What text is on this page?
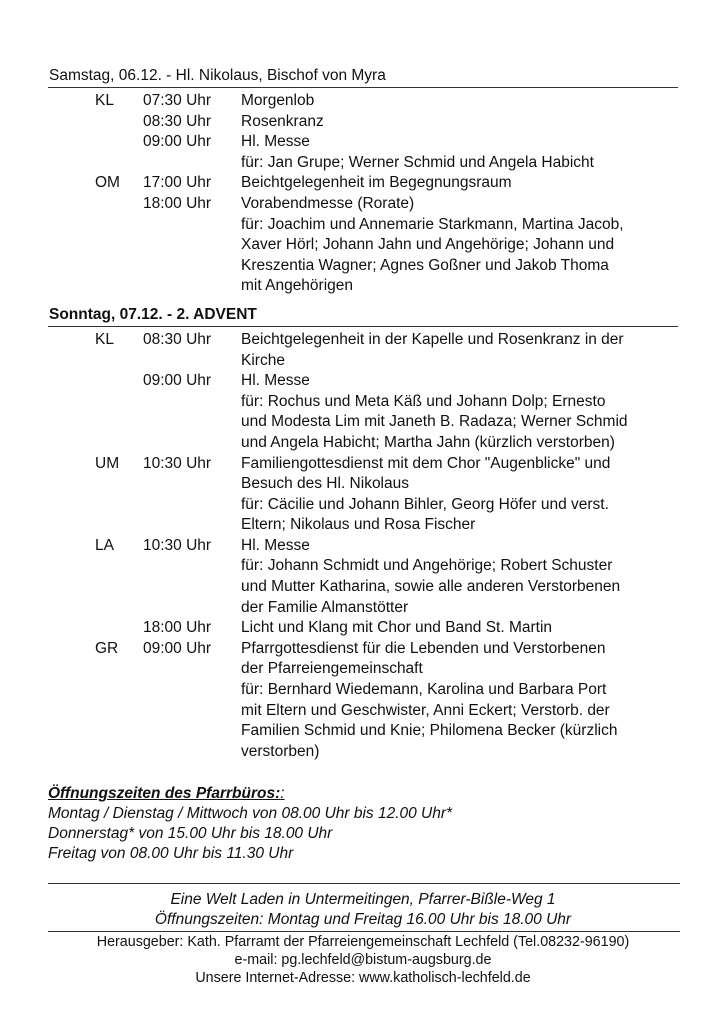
Samstag, 06.12. - Hl. Nikolaus, Bischof von Myra
KL	07:30 Uhr	Morgenlob
08:30 Uhr	Rosenkranz
09:00 Uhr	Hl. Messe
für: Jan Grupe; Werner Schmid und Angela Habicht
OM	17:00 Uhr	Beichtgelegenheit im Begegnungsraum
18:00 Uhr	Vorabendmesse (Rorate)
für: Joachim und Annemarie Starkmann, Martina Jacob,
Xaver Hörl; Johann Jahn und Angehörige; Johann und
Kreszentia Wagner; Agnes Goßner und Jakob Thoma
mit Angehörigen
Sonntag, 07.12. - 2. ADVENT
KL	08:30 Uhr	Beichtgelegenheit in der Kapelle und Rosenkranz in der
Kirche
09:00 Uhr	Hl. Messe
für: Rochus und Meta Käß und Johann Dolp; Ernesto
und Modesta Lim mit Janeth B. Radaza; Werner Schmid
und Angela Habicht; Martha Jahn (kürzlich verstorben)
UM	10:30 Uhr	Familiengottesdienst mit dem Chor "Augenblicke" und
Besuch des Hl. Nikolaus
für: Cäcilie und Johann Bihler, Georg Höfer und verst.
Eltern; Nikolaus und Rosa Fischer
LA	10:30 Uhr	Hl. Messe
für: Johann Schmidt und Angehörige; Robert Schuster
und Mutter Katharina, sowie alle anderen Verstorbenen
der Familie Almanstötter
18:00 Uhr	Licht und Klang mit Chor und Band St. Martin
GR	09:00 Uhr	Pfarrgottesdienst für die Lebenden und Verstorbenen
der Pfarreiengemeinschaft
für: Bernhard Wiedemann, Karolina und Barbara Port
mit Eltern und Geschwister, Anni Eckert; Verstorb. der
Familien Schmid und Knie; Philomena Becker (kürzlich
verstorben)
Öffnungszeiten des Pfarrbüros::
Montag / Dienstag / Mittwoch von 08.00 Uhr bis 12.00 Uhr*
Donnerstag* von 15.00 Uhr bis 18.00 Uhr
Freitag von 08.00 Uhr bis 11.30 Uhr
Eine Welt Laden in Untermeitingen, Pfarrer-Bißle-Weg 1
Öffnungszeiten: Montag und Freitag 16.00 Uhr bis 18.00 Uhr
Herausgeber: Kath. Pfarramt der Pfarreiengemeinschaft Lechfeld (Tel.08232-96190)
e-mail: pg.lechfeld@bistum-augsburg.de
Unsere Internet-Adresse: www.katholisch-lechfeld.de
